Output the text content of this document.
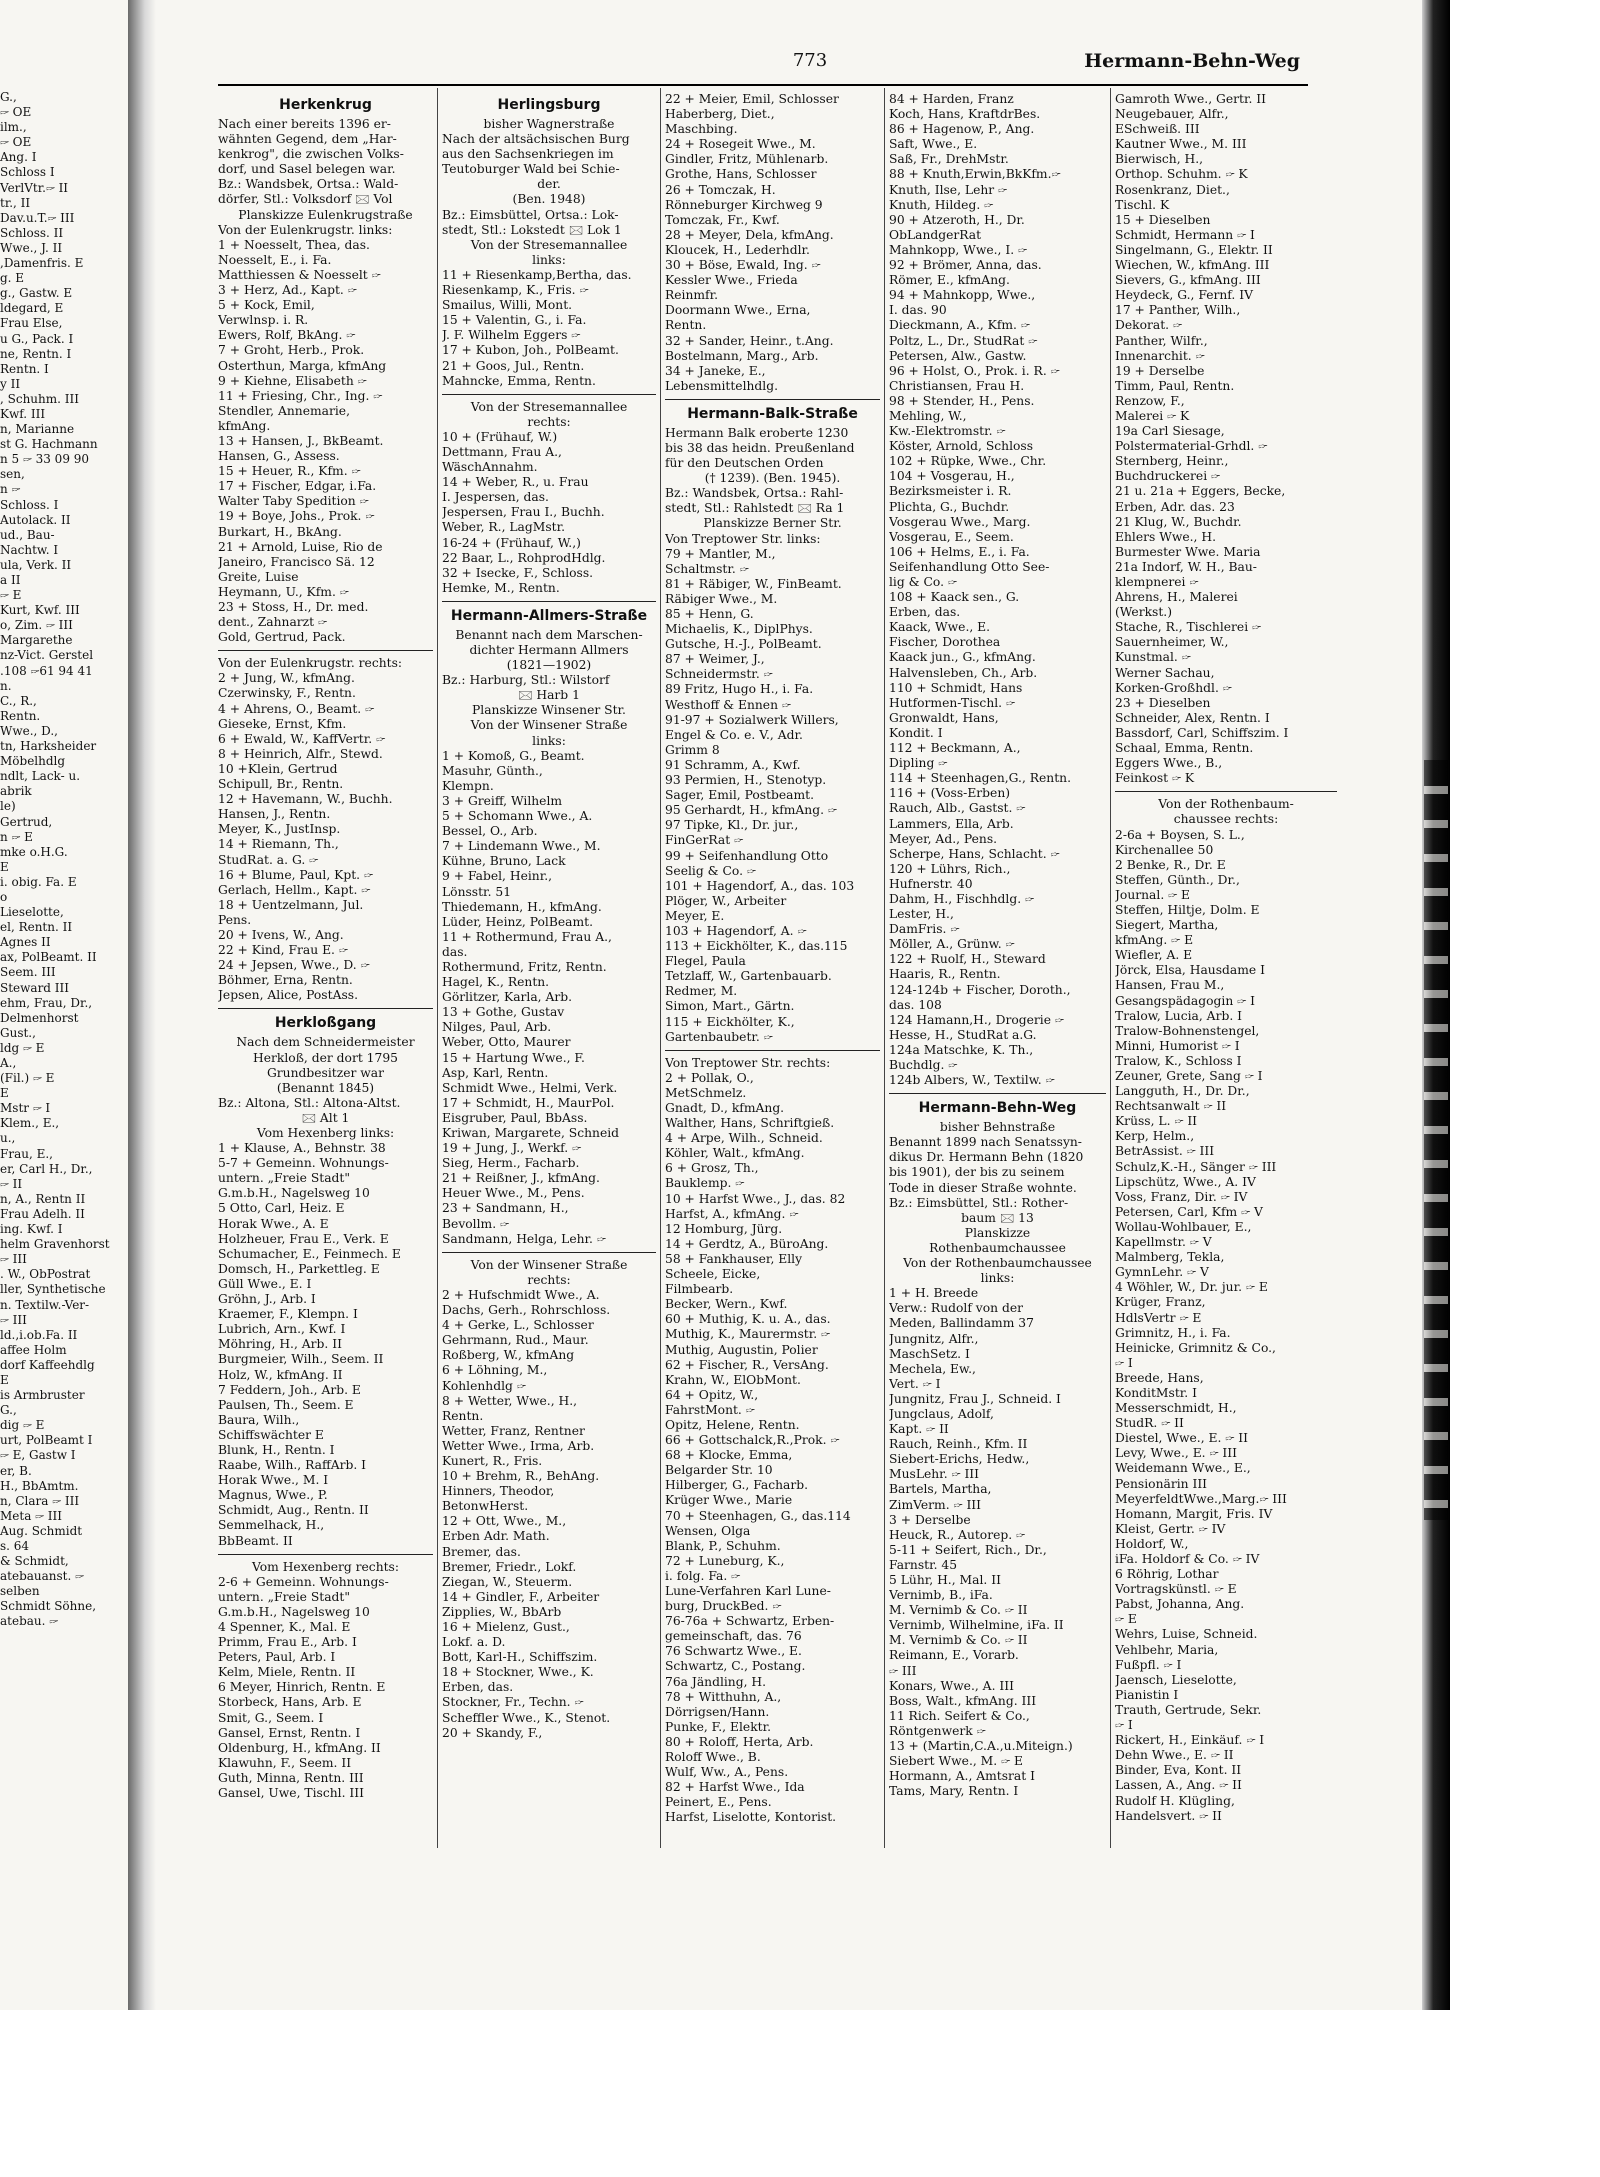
G.,
🖙 OE
ilm.,
🖙 OE
Ang. I
Schloss I
VerlVtr.🖙 II
tr., II
Dav.u.T.🖙 III
Schloss. II
Wwe., J. II
,Damenfris. E
g. E
g., Gastw. E
ldegard, E
Frau Else,
u G., Pack. I
ne, Rentn. I
Rentn. I
y II
, Schuhm. III
Kwf. III
n, Marianne
st G. Hachmann
n 5 🖙 33 09 90
sen,
n 🖙
Schloss. I
Autolack. II
ud., Bau-
Nachtw. I
ula, Verk. II
a II
🖙 E
Kurt, Kwf. III
o, Zim. 🖙 III
Margarethe
nz-Vict. Gerstel
.108 🖙61 94 41
n.
C., R.,
Rentn.
Wwe., D.,
tn, Harksheider
Möbelhdlg
ndlt, Lack- u.
abrik
le)
Gertrud,
n 🖙 E
mke o.H.G.
E
i. obig. Fa. E
o
Lieselotte,
el, Rentn. II
Agnes II
ax, PolBeamt. II
Seem. III
Steward III
ehm, Frau, Dr.,
Delmenhorst
Gust.,
ldg 🖙 E
A.,
(Fil.) 🖙 E
E
Mstr 🖙 I
Klem., E.,
u.,
Frau, E.,
er, Carl H., Dr.,
🖙 II
n, A., Rentn II
Frau Adelh. II
ing. Kwf. I
helm Gravenhorst
🖙 III
. W., ObPostrat
ller, Synthetische
n. Textilw.-Ver-
🖙 III
ld.,i.ob.Fa. II
affee Holm
dorf Kaffeehdlg
E
is Armbruster
G.,
dig 🖙 E
urt, PolBeamt I
🖙 E, Gastw I
er, B.
H., BbAmtm.
n, Clara 🖙 III
Meta 🖙 III
Aug. Schmidt
s. 64
& Schmidt,
atebauanst. 🖙
selben
Schmidt Söhne,
atebau. 🖙
773	Hermann-Behn-Weg
Herkenkrug
Nach einer bereits 1396 er-
wähnten Gegend, dem „Har-
kenkrog", die zwischen Volks-
dorf, und Sasel belegen war.
Bz.: Wandsbek, Ortsa.: Wald-
dörfer, Stl.: Volksdorf 🖂 Vol
Planskizze Eulenkrugstraße
Von der Eulenkrugstr. links:
1 + Noesselt, Thea, das.
Noesselt, E., i. Fa.
Matthiessen & Noesselt 🖙
3 + Herz, Ad., Kapt. 🖙
5 + Kock, Emil,
Verwlnsp. i. R.
Ewers, Rolf, BkAng. 🖙
7 + Groht, Herb., Prok.
Osterthun, Marga, kfmAng
9 + Kiehne, Elisabeth 🖙
11 + Friesing, Chr., Ing. 🖙
Stendler, Annemarie,
kfmAng.
13 + Hansen, J., BkBeamt.
Hansen, G., Assess.
15 + Heuer, R., Kfm. 🖙
17 + Fischer, Edgar, i.Fa.
Walter Taby Spedition 🖙
19 + Boye, Johs., Prok. 🖙
Burkart, H., BkAng.
21 + Arnold, Luise, Rio de
Janeiro, Francisco Sä. 12
Greite, Luise
Heymann, U., Kfm. 🖙
23 + Stoss, H., Dr. med.
dent., Zahnarzt 🖙
Gold, Gertrud, Pack.
Von der Eulenkrugstr. rechts:
2 + Jung, W., kfmAng.
Czerwinsky, F., Rentn.
4 + Ahrens, O., Beamt. 🖙
Gieseke, Ernst, Kfm.
6 + Ewald, W., KaffVertr. 🖙
8 + Heinrich, Alfr., Stewd.
10 +Klein, Gertrud
Schipull, Br., Rentn.
12 + Havemann, W., Buchh.
Hansen, J., Rentn.
Meyer, K., JustInsp.
14 + Riemann, Th.,
StudRat. a. G. 🖙
16 + Blume, Paul, Kpt. 🖙
Gerlach, Hellm., Kapt. 🖙
18 + Uentzelmann, Jul.
Pens.
20 + Ivens, W., Ang.
22 + Kind, Frau E. 🖙
24 + Jepsen, Wwe., D. 🖙
Böhmer, Erna, Rentn.
Jepsen, Alice, PostAss.
Herkloßgang
Nach dem Schneidermeister
Herkloß, der dort 1795
Grundbesitzer war
(Benannt 1845)
Bz.: Altona, Stl.: Altona-Altst.
🖂 Alt 1
Vom Hexenberg links:
1 + Klause, A., Behnstr. 38
5-7 + Gemeinn. Wohnungs-
untern. „Freie Stadt"
G.m.b.H., Nagelsweg 10
5 Otto, Carl, Heiz. E
Horak Wwe., A. E
Holzheuer, Frau E., Verk. E
Schumacher, E., Feinmech. E
Domsch, H., Parkettleg. E
Güll Wwe., E. I
Gröhn, J., Arb. I
Kraemer, F., Klempn. I
Lubrich, Arn., Kwf. I
Möhring, H., Arb. II
Burgmeier, Wilh., Seem. II
Holz, W., kfmAng. II
7 Feddern, Joh., Arb. E
Paulsen, Th., Seem. E
Baura, Wilh.,
Schiffswächter E
Blunk, H., Rentn. I
Raabe, Wilh., RaffArb. I
Horak Wwe., M. I
Magnus, Wwe., P.
Schmidt, Aug., Rentn. II
Semmelhack, H.,
BbBeamt. II
Vom Hexenberg rechts:
2-6 + Gemeinn. Wohnungs-
untern. „Freie Stadt"
G.m.b.H., Nagelsweg 10
4 Spenner, K., Mal. E
Primm, Frau E., Arb. I
Peters, Paul, Arb. I
Kelm, Miele, Rentn. II
6 Meyer, Hinrich, Rentn. E
Storbeck, Hans, Arb. E
Smit, G., Seem. I
Gansel, Ernst, Rentn. I
Oldenburg, H., kfmAng. II
Klawuhn, F., Seem. II
Guth, Minna, Rentn. III
Gansel, Uwe, Tischl. III
Herlingsburg
bisher Wagnerstraße
Nach der altsächsischen Burg
aus den Sachsenkriegen im
Teutoburger Wald bei Schie-
der.
(Ben. 1948)
Bz.: Eimsbüttel, Ortsa.: Lok-
stedt, Stl.: Lokstedt 🖂 Lok 1
Von der Stresemannallee
links:
11 + Riesenkamp,Bertha, das.
Riesenkamp, K., Fris. 🖙
Smailus, Willi, Mont.
15 + Valentin, G., i. Fa.
J. F. Wilhelm Eggers 🖙
17 + Kubon, Joh., PolBeamt.
21 + Goos, Jul., Rentn.
Mahncke, Emma, Rentn.
Von der Stresemannallee
rechts:
10 + (Frühauf, W.)
Dettmann, Frau A.,
WäschAnnahm.
14 + Weber, R., u. Frau
I. Jespersen, das.
Jespersen, Frau I., Buchh.
Weber, R., LagMstr.
16-24 + (Frühauf, W.,)
22 Baar, L., RohprodHdlg.
32 + Isecke, F., Schloss.
Hemke, M., Rentn.
Hermann-Allmers-Straße
Benannt nach dem Marschen-
dichter Hermann Allmers
(1821—1902)
Bz.: Harburg, Stl.: Wilstorf
🖂 Harb 1
Planskizze Winsener Str.
Von der Winsener Straße
links:
1 + Komoß, G., Beamt.
Masuhr, Günth.,
Klempn.
3 + Greiff, Wilhelm
5 + Schomann Wwe., A.
Bessel, O., Arb.
7 + Lindemann Wwe., M.
Kühne, Bruno, Lack
9 + Fabel, Heinr.,
Lönsstr. 51
Thiedemann, H., kfmAng.
Lüder, Heinz, PolBeamt.
11 + Rothermund, Frau A.,
das.
Rothermund, Fritz, Rentn.
Hagel, K., Rentn.
Görlitzer, Karla, Arb.
13 + Gothe, Gustav
Nilges, Paul, Arb.
Weber, Otto, Maurer
15 + Hartung Wwe., F.
Asp, Karl, Rentn.
Schmidt Wwe., Helmi, Verk.
17 + Schmidt, H., MaurPol.
Eisgruber, Paul, BbAss.
Kriwan, Margarete, Schneid
19 + Jung, J., Werkf. 🖙
Sieg, Herm., Facharb.
21 + Reißner, J., kfmAng.
Heuer Wwe., M., Pens.
23 + Sandmann, H.,
Bevollm. 🖙
Sandmann, Helga, Lehr. 🖙
Von der Winsener Straße
rechts:
2 + Hufschmidt Wwe., A.
Dachs, Gerh., Rohrschloss.
4 + Gerke, L., Schlosser
Gehrmann, Rud., Maur.
Roßberg, W., kfmAng
6 + Löhning, M.,
Kohlenhdlg 🖙
8 + Wetter, Wwe., H.,
Rentn.
Wetter, Franz, Rentner
Wetter Wwe., Irma, Arb.
Kunert, R., Fris.
10 + Brehm, R., BehAng.
Hinners, Theodor,
BetonwHerst.
12 + Ott, Wwe., M.,
Erben Adr. Math.
Bremer, das.
Bremer, Friedr., Lokf.
Ziegan, W., Steuerm.
14 + Gindler, F., Arbeiter
Zipplies, W., BbArb
16 + Mielenz, Gust.,
Lokf. a. D.
Bott, Karl-H., Schiffszim.
18 + Stockner, Wwe., K.
Erben, das.
Stockner, Fr., Techn. 🖙
Scheffler Wwe., K., Stenot.
20 + Skandy, F.,
22 + Meier, Emil, Schlosser
Haberberg, Diet.,
Maschbing.
24 + Rosegeit Wwe., M.
Gindler, Fritz, Mühlenarb.
Grothe, Hans, Schlosser
26 + Tomczak, H.
Rönneburger Kirchweg 9
Tomczak, Fr., Kwf.
28 + Meyer, Dela, kfmAng.
Kloucek, H., Lederhdlr.
30 + Böse, Ewald, Ing. 🖙
Kessler Wwe., Frieda
Reinmfr.
Doormann Wwe., Erna,
Rentn.
32 + Sander, Heinr., t.Ang.
Bostelmann, Marg., Arb.
34 + Janeke, E.,
Lebensmittelhdlg.
Hermann-Balk-Straße
Hermann Balk eroberte 1230
bis 38 das heidn. Preußenland
für den Deutschen Orden
(† 1239). (Ben. 1945).
Bz.: Wandsbek, Ortsa.: Rahl-
stedt, Stl.: Rahlstedt 🖂 Ra 1
Planskizze Berner Str.
Von Treptower Str. links:
79 + Mantler, M.,
Schaltmstr. 🖙
81 + Räbiger, W., FinBeamt.
Räbiger Wwe., M.
85 + Henn, G.
Michaelis, K., DiplPhys.
Gutsche, H.-J., PolBeamt.
87 + Weimer, J.,
Schneidermstr. 🖙
89 Fritz, Hugo H., i. Fa.
Westhoff & Ennen 🖙
91-97 + Sozialwerk Willers,
Engel & Co. e. V., Adr.
Grimm 8
91 Schramm, A., Kwf.
93 Permien, H., Stenotyp.
Sager, Emil, Postbeamt.
95 Gerhardt, H., kfmAng. 🖙
97 Tipke, Kl., Dr. jur.,
FinGerRat 🖙
99 + Seifenhandlung Otto
Seelig & Co. 🖙
101 + Hagendorf, A., das. 103
Plöger, W., Arbeiter
Meyer, E.
103 + Hagendorf, A. 🖙
113 + Eickhölter, K., das.115
Flegel, Paula
Tetzlaff, W., Gartenbauarb.
Redmer, M.
Simon, Mart., Gärtn.
115 + Eickhölter, K.,
Gartenbaubetr. 🖙
Von Treptower Str. rechts:
2 + Pollak, O.,
MetSchmelz.
Gnadt, D., kfmAng.
Walther, Hans, Schriftgieß.
4 + Arpe, Wilh., Schneid.
Köhler, Walt., kfmAng.
6 + Grosz, Th.,
Bauklemp. 🖙
10 + Harfst Wwe., J., das. 82
Harfst, A., kfmAng. 🖙
12 Homburg, Jürg.
14 + Gerdtz, A., BüroAng.
58 + Fankhauser, Elly
Scheele, Eicke,
Filmbearb.
Becker, Wern., Kwf.
60 + Muthig, K. u. A., das.
Muthig, K., Maurermstr. 🖙
Muthig, Augustin, Polier
62 + Fischer, R., VersAng.
Krahn, W., ElObMont.
64 + Opitz, W.,
FahrstMont. 🖙
Opitz, Helene, Rentn.
66 + Gottschalck,R.,Prok. 🖙
68 + Klocke, Emma,
Belgarder Str. 10
Hilberger, G., Facharb.
Krüger Wwe., Marie
70 + Steenhagen, G., das.114
Wensen, Olga
Blank, P., Schuhm.
72 + Luneburg, K.,
i. folg. Fa. 🖙
Lune-Verfahren Karl Lune-
burg, DruckBed. 🖙
76-76a + Schwartz, Erben-
gemeinschaft, das. 76
76 Schwartz Wwe., E.
Schwartz, C., Postang.
76a Jändling, H.
78 + Witthuhn, A.,
Dörrigsen/Hann.
Punke, F., Elektr.
80 + Roloff, Herta, Arb.
Roloff Wwe., B.
Wulf, Ww., A., Pens.
82 + Harfst Wwe., Ida
Peinert, E., Pens.
Harfst, Liselotte, Kontorist.
84 + Harden, Franz
Koch, Hans, KraftdrBes.
86 + Hagenow, P., Ang.
Saft, Wwe., E.
Saß, Fr., DrehMstr.
88 + Knuth,Erwin,BkKfm.🖙
Knuth, Ilse, Lehr 🖙
Knuth, Hildeg. 🖙
90 + Atzeroth, H., Dr.
ObLandgerRat
Mahnkopp, Wwe., I. 🖙
92 + Brömer, Anna, das.
Römer, E., kfmAng.
94 + Mahnkopp, Wwe.,
I. das. 90
Dieckmann, A., Kfm. 🖙
Poltz, L., Dr., StudRat 🖙
Petersen, Alw., Gastw.
96 + Holst, O., Prok. i. R. 🖙
Christiansen, Frau H.
98 + Stender, H., Pens.
Mehling, W.,
Kw.-Elektromstr. 🖙
Köster, Arnold, Schloss
102 + Rüpke, Wwe., Chr.
104 + Vosgerau, H.,
Bezirksmeister i. R.
Plichta, G., Buchdr.
Vosgerau Wwe., Marg.
Vosgerau, E., Seem.
106 + Helms, E., i. Fa.
Seifenhandlung Otto See-
lig & Co. 🖙
108 + Kaack sen., G.
Erben, das.
Kaack, Wwe., E.
Fischer, Dorothea
Kaack jun., G., kfmAng.
Halvensleben, Ch., Arb.
110 + Schmidt, Hans
Hutformen-Tischl. 🖙
Gronwaldt, Hans,
Kondit. I
112 + Beckmann, A.,
Dipling 🖙
114 + Steenhagen,G., Rentn.
116 + (Voss-Erben)
Rauch, Alb., Gastst. 🖙
Lammers, Ella, Arb.
Meyer, Ad., Pens.
Scherpe, Hans, Schlacht. 🖙
120 + Lührs, Rich.,
Hufnerstr. 40
Dahm, H., Fischhdlg. 🖙
Lester, H.,
DamFris. 🖙
Möller, A., Grünw. 🖙
122 + Ruolf, H., Steward
Haaris, R., Rentn.
124-124b + Fischer, Doroth.,
das. 108
124 Hamann,H., Drogerie 🖙
Hesse, H., StudRat a.G.
124a Matschke, K. Th.,
Buchdlg. 🖙
124b Albers, W., Textilw. 🖙
Hermann-Behn-Weg
bisher Behnstraße
Benannt 1899 nach Senatssyn-
dikus Dr. Hermann Behn (1820
bis 1901), der bis zu seinem
Tode in dieser Straße wohnte.
Bz.: Eimsbüttel, Stl.: Rother-
baum 🖂 13
Planskizze
Rothenbaumchaussee
Von der Rothenbaumchaussee
links:
1 + H. Breede
Verw.: Rudolf von der
Meden, Ballindamm 37
Jungnitz, Alfr.,
MaschSetz. I
Mechela, Ew.,
Vert. 🖙 I
Jungnitz, Frau J., Schneid. I
Jungclaus, Adolf,
Kapt. 🖙 II
Rauch, Reinh., Kfm. II
Siebert-Erichs, Hedw.,
MusLehr. 🖙 III
Bartels, Martha,
ZimVerm. 🖙 III
3 + Derselbe
Heuck, R., Autorep. 🖙
5-11 + Seifert, Rich., Dr.,
Farnstr. 45
5 Lühr, H., Mal. II
Vernimb, B., iFa.
M. Vernimb & Co. 🖙 II
Vernimb, Wilhelmine, iFa. II
M. Vernimb & Co. 🖙 II
Reimann, E., Vorarb.
🖙 III
Konars, Wwe., A. III
Boss, Walt., kfmAng. III
11 Rich. Seifert & Co.,
Röntgenwerk 🖙
13 + (Martin,C.A.,u.Miteign.)
Siebert Wwe., M. 🖙 E
Hormann, A., Amtsrat I
Tams, Mary, Rentn. I
Gamroth Wwe., Gertr. II
Neugebauer, Alfr.,
ESchweiß. III
Kautner Wwe., M. III
Bierwisch, H.,
Orthop. Schuhm. 🖙 K
Rosenkranz, Diet.,
Tischl. K
15 + Dieselben
Schmidt, Hermann 🖙 I
Singelmann, G., Elektr. II
Wiechen, W., kfmAng. III
Sievers, G., kfmAng. III
Heydeck, G., Fernf. IV
17 + Panther, Wilh.,
Dekorat. 🖙
Panther, Wilfr.,
Innenarchit. 🖙
19 + Derselbe
Timm, Paul, Rentn.
Renzow, F.,
Malerei 🖙 K
19a Carl Siesage,
Polstermaterial-Grhdl. 🖙
Sternberg, Heinr.,
Buchdruckerei 🖙
21 u. 21a + Eggers, Becke,
Erben, Adr. das. 23
21 Klug, W., Buchdr.
Ehlers Wwe., H.
Burmester Wwe. Maria
21a Indorf, W. H., Bau-
klempnerei 🖙
Ahrens, H., Malerei
(Werkst.)
Stache, R., Tischlerei 🖙
Sauernheimer, W.,
Kunstmal. 🖙
Werner Sachau,
Korken-Großhdl. 🖙
23 + Dieselben
Schneider, Alex, Rentn. I
Bassdorf, Carl, Schiffszim. I
Schaal, Emma, Rentn.
Eggers Wwe., B.,
Feinkost 🖙 K
Von der Rothenbaum-
chaussee rechts:
2-6a + Boysen, S. L.,
Kirchenallee 50
2 Benke, R., Dr. E
Steffen, Günth., Dr.,
Journal. 🖙 E
Steffen, Hiltje, Dolm. E
Siegert, Martha,
kfmAng. 🖙 E
Wiefler, A. E
Jörck, Elsa, Hausdame I
Hansen, Frau M.,
Gesangspädagogin 🖙 I
Tralow, Lucia, Arb. I
Tralow-Bohnenstengel,
Minni, Humorist 🖙 I
Tralow, K., Schloss I
Zeuner, Grete, Sang 🖙 I
Langguth, H., Dr. Dr.,
Rechtsanwalt 🖙 II
Krüss, L. 🖙 II
Kerp, Helm.,
BetrAssist. 🖙 III
Schulz,K.-H., Sänger 🖙 III
Lipschütz, Wwe., A. IV
Voss, Franz, Dir. 🖙 IV
Petersen, Carl, Kfm 🖙 V
Wollau-Wohlbauer, E.,
Kapellmstr. 🖙 V
Malmberg, Tekla,
GymnLehr. 🖙 V
4 Wöhler, W., Dr. jur. 🖙 E
Krüger, Franz,
HdlsVertr 🖙 E
Grimnitz, H., i. Fa.
Heinicke, Grimnitz & Co.,
🖙 I
Breede, Hans,
KonditMstr. I
Messerschmidt, H.,
StudR. 🖙 II
Diestel, Wwe., E. 🖙 II
Levy, Wwe., E. 🖙 III
Weidemann Wwe., E.,
Pensionärin III
MeyerfeldtWwe.,Marg.🖙 III
Homann, Margit, Fris. IV
Kleist, Gertr. 🖙 IV
Holdorf, W.,
iFa. Holdorf & Co. 🖙 IV
6 Röhrig, Lothar
Vortragskünstl. 🖙 E
Pabst, Johanna, Ang.
🖙 E
Wehrs, Luise, Schneid.
Vehlbehr, Maria,
Fußpfl. 🖙 I
Jaensch, Lieselotte,
Pianistin I
Trauth, Gertrude, Sekr.
🖙 I
Rickert, H., Einkäuf. 🖙 I
Dehn Wwe., E. 🖙 II
Binder, Eva, Kont. II
Lassen, A., Ang. 🖙 II
Rudolf H. Klügling,
Handelsvert. 🖙 II
